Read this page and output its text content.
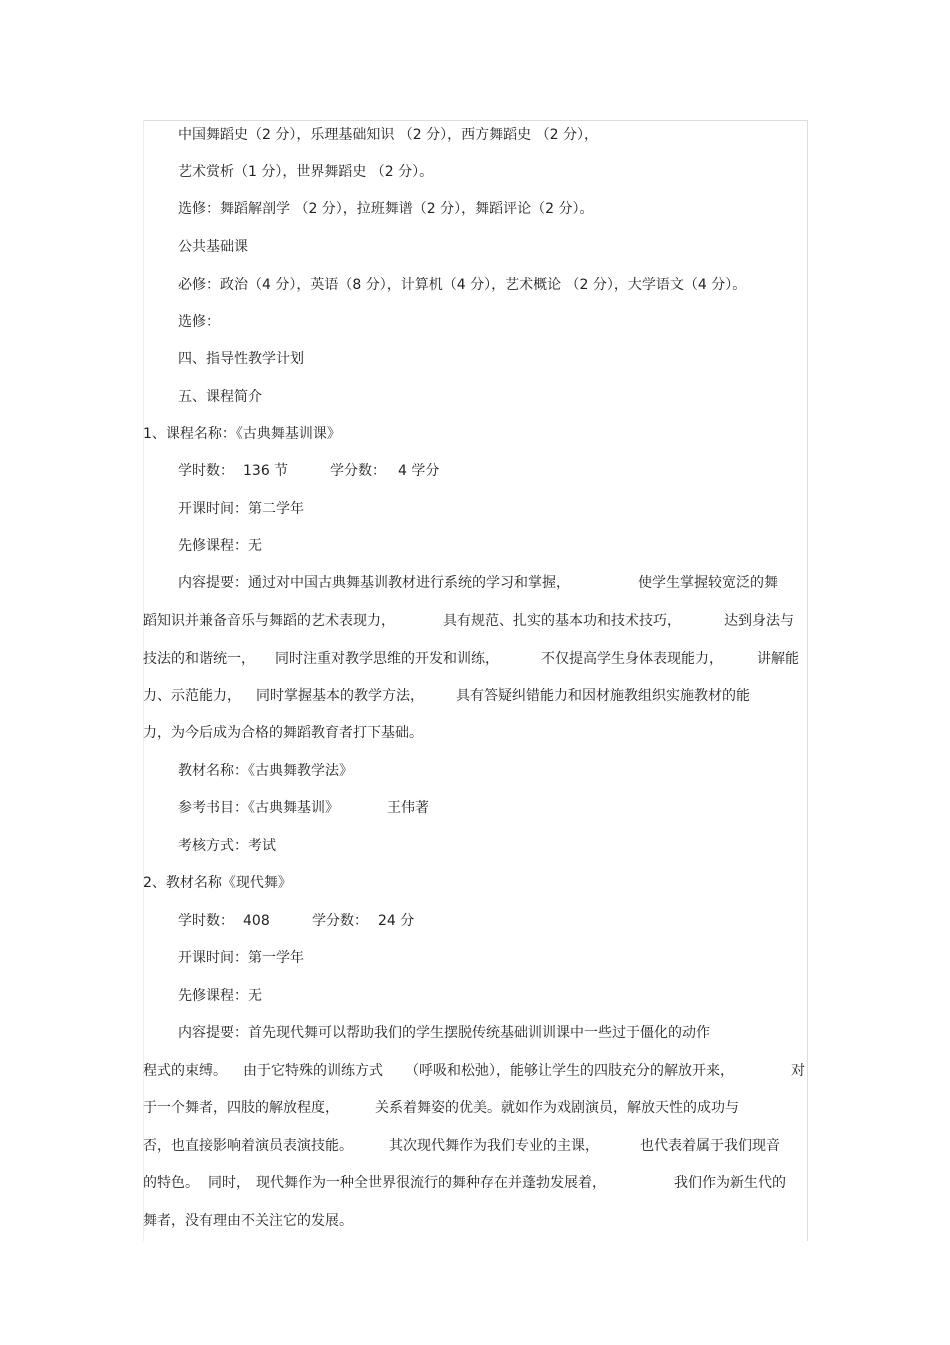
中国舞蹈史（2 分），乐理基础知识 （2 分），西方舞蹈史 （2 分），
艺术赏析（1 分），世界舞蹈史 （2 分）。
选修：舞蹈解剖学 （2 分），拉班舞谱（2 分），舞蹈评论（2 分）。
公共基础课
必修：政治（4 分），英语（8 分），计算机（4 分），艺术概论 （2 分），大学语文（4 分）。
选修：
四、指导性教学计划
五、课程简介
1、课程名称：《古典舞基训课》
学时数： 136 节	学分数： 4 学分
开课时间：第二学年
先修课程：无
内容提要：通过对中国古典舞基训教材进行系统的学习和掌握，	使学生掌握较宽泛的舞
蹈知识并兼备音乐与舞蹈的艺术表现力，	具有规范、扎实的基本功和技术技巧，	达到身法与
技法的和谐统一， 同时注重对教学思维的开发和训练，	不仅提高学生身体表现能力， 讲解能
力、示范能力， 同时掌握基本的教学方法， 具有答疑纠错能力和因材施教组织实施教材的能
力，为今后成为合格的舞蹈教育者打下基础。
教材名称：《古典舞教学法》
参考书目：《古典舞基训》	王伟著
考核方式：考试
2、教材名称《现代舞》
学时数： 408	学分数： 24 分
开课时间：第一学年
先修课程：无
内容提要：首先现代舞可以帮助我们的学生摆脱传统基础训训课中一些过于僵化的动作
程式的束缚。 由于它特殊的训练方式 （呼吸和松弛），能够让学生的四肢充分的解放开来，	对
于一个舞者，四肢的解放程度，	关系着舞姿的优美。就如作为戏剧演员，解放天性的成功与
否，也直接影响着演员表演技能。	其次现代舞作为我们专业的主课，	也代表着属于我们现音
的特色。 同时， 现代舞作为一种全世界很流行的舞种存在并蓬勃发展着，	我们作为新生代的
舞者，没有理由不关注它的发展。
